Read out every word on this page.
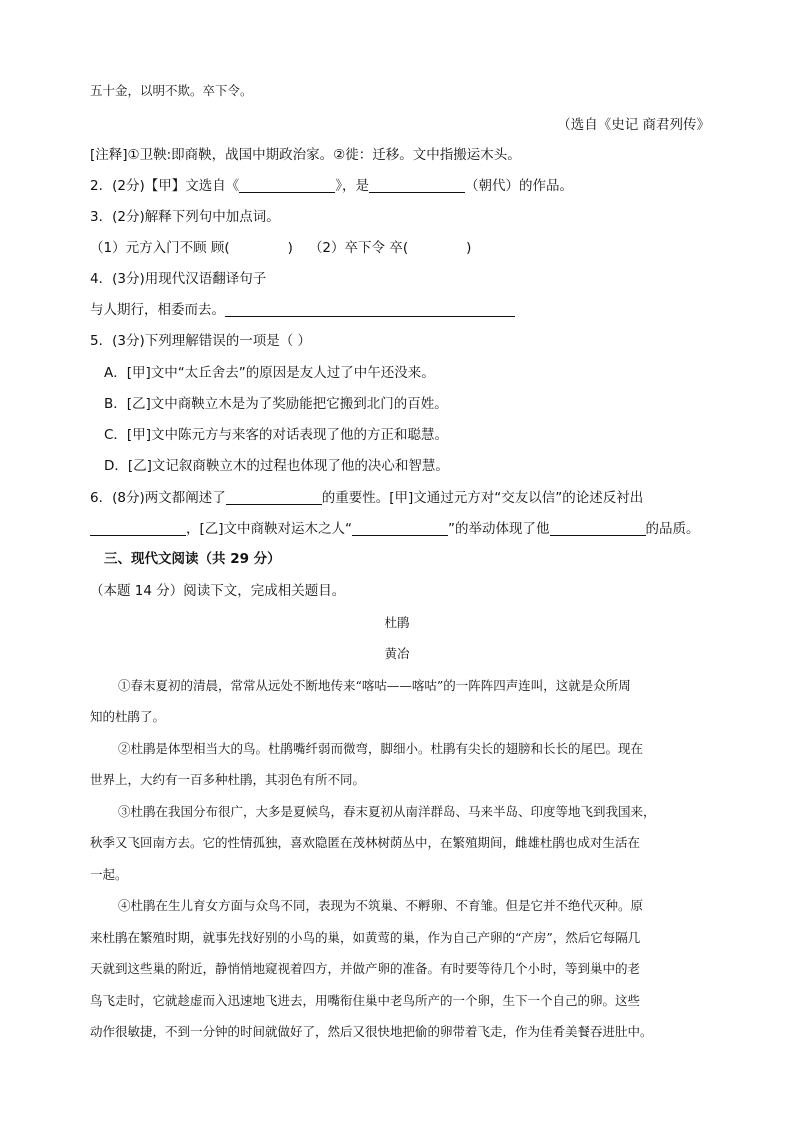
五十金，以明不欺。卒下令。
（选自《史记 商君列传》
[注释]①卫鞅:即商鞅，战国中期政治家。②徙：迁移。文中指搬运木头。
2．(2分)【甲】文选自《	》，是	（朝代）的作品。
3．(2分)解释下列句中加点词。
（1）元方入门不顾 顾(	) （2）卒下令 卒(	)
4．(3分)用现代汉语翻译句子
与人期行，相委而去。
5．(3分)下列理解错误的一项是（ ）
A．[甲]文中“太丘舍去”的原因是友人过了中午还没来。
B．[乙]文中商鞅立木是为了奖励能把它搬到北门的百姓。
C．[甲]文中陈元方与来客的对话表现了他的方正和聪慧。
D．[乙]文记叙商鞅立木的过程也体现了他的决心和智慧。
6．(8分)两文都阐述了	的重要性。[甲]文通过元方对“交友以信”的论述反衬出
，[乙]文中商鞅对运木之人“	”的举动体现了他	的品质。
三、现代文阅读（共 29 分）
（本题 14 分）阅读下文，完成相关题目。
杜鹃
黄冶
①春末夏初的清晨，常常从远处不断地传来“喀咕——喀咕”的一阵阵四声连叫，这就是众所周
知的杜鹃了。
②杜鹃是体型相当大的鸟。杜鹃嘴纤弱而微弯，脚细小。杜鹃有尖长的翅膀和长长的尾巴。现在
世界上，大约有一百多种杜鹃，其羽色有所不同。
③杜鹃在我国分布很广，大多是夏候鸟，春末夏初从南洋群岛、马来半岛、印度等地飞到我国来，
秋季又飞回南方去。它的性情孤独，喜欢隐匿在茂林树荫丛中，在繁殖期间，雌雄杜鹃也成对生活在
一起。
④杜鹃在生儿育女方面与众鸟不同，表现为不筑巢、不孵卵、不育雏。但是它并不绝代灭种。原
来杜鹃在繁殖时期，就事先找好别的小鸟的巢，如黄莺的巢，作为自己产卵的“产房”，然后它每隔几
天就到这些巢的附近，静悄悄地窥视着四方，并做产卵的准备。有时要等待几个小时，等到巢中的老
鸟飞走时，它就趁虚而入迅速地飞进去，用嘴衔住巢中老鸟所产的一个卵，生下一个自己的卵。这些
动作很敏捷，不到一分钟的时间就做好了，然后又很快地把偷的卵带着飞走，作为佳肴美餐吞进肚中。
